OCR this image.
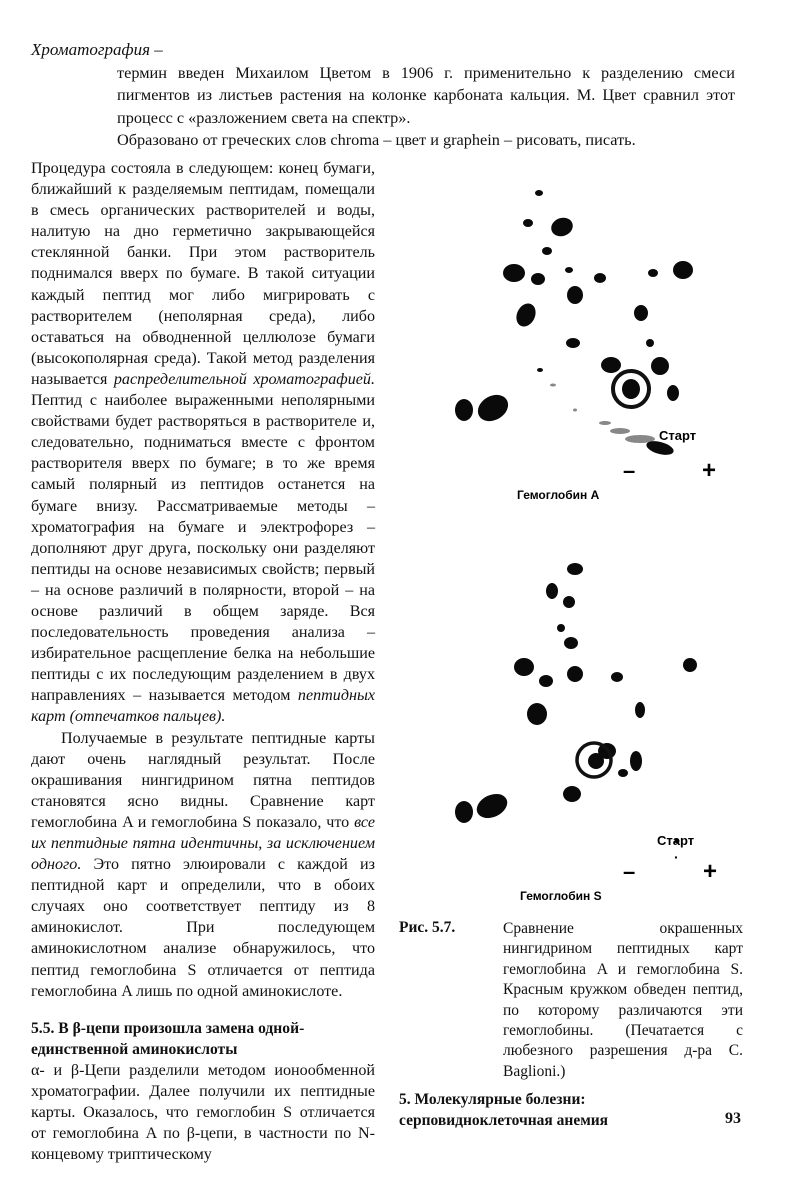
Хроматография –

термин введен Михаилом Цветом в 1906 г. применительно к разделению смеси пигментов из листьев растения на колонке карбоната кальция. М. Цвет сравнил этот процесс с «разложением света на спектр».

Образовано от греческих слов chroma – цвет и graphein – рисовать, писать.

Процедура состояла в следующем: конец бумаги, ближайший к разделяемым пептидам, помещали в смесь органических растворителей и воды, налитую на дно герметично закрывающейся стеклянной банки. При этом растворитель поднимался вверх по бумаге. В такой ситуации каждый пептид мог либо мигрировать с растворителем (неполярная среда), либо оставаться на обводненной целлюлозе бумаги (высокополярная среда). Такой метод разделения называется распределительной хроматографией. Пептид с наиболее выраженными неполярными свойствами будет растворяться в растворителе и, следовательно, подниматься вместе с фронтом растворителя вверх по бумаге; в то же время самый полярный из пептидов останется на бумаге внизу. Рассматриваемые методы – хроматография на бумаге и электрофорез – дополняют друг друга, поскольку они разделяют пептиды на основе независимых свойств; первый – на основе различий в полярности, второй – на основе различий в общем заряде. Вся последовательность проведения анализа – избирательное расщепление белка на небольшие пептиды с их последующим разделением в двух направлениях – называется методом пептидных карт (отпечатков пальцев).

Получаемые в результате пептидные карты дают очень наглядный результат. После окрашивания нингидрином пятна пептидов становятся ясно видны. Сравнение карт гемоглобина A и гемоглобина S показало, что все их пептидные пятна идентичны, за исключением одного. Это пятно элюировали с каждой из пептидной карт и определили, что в обоих случаях оно соответствует пептиду из 8 аминокислот. При последующем аминокислотном анализе обнаружилось, что пептид гемоглобина S отличается от пептида гемоглобина A лишь по одной аминокислоте.

5.5. В β-цепи произошла замена одной-единственной аминокислоты

α- и β-Цепи разделили методом ионообменной хроматографии. Далее получили их пептидные карты. Оказалось, что гемоглобин S отличается от гемоглобина A по β-цепи, в частности по N-концевому триптическому

Старт
–	+
Гемоглобин А
Старт
–
·
+
Гемоглобин S
Рис. 5.7.	Сравнение окрашенных нингидрином пептидных карт гемоглобина A и гемоглобина S. Красным кружком обведен пептид, по которому различаются эти гемоглобины. (Печатается с любезного разрешения д-ра C. Baglioni.)
5. Молекулярные болезни: серповидноклеточная анемия	93
